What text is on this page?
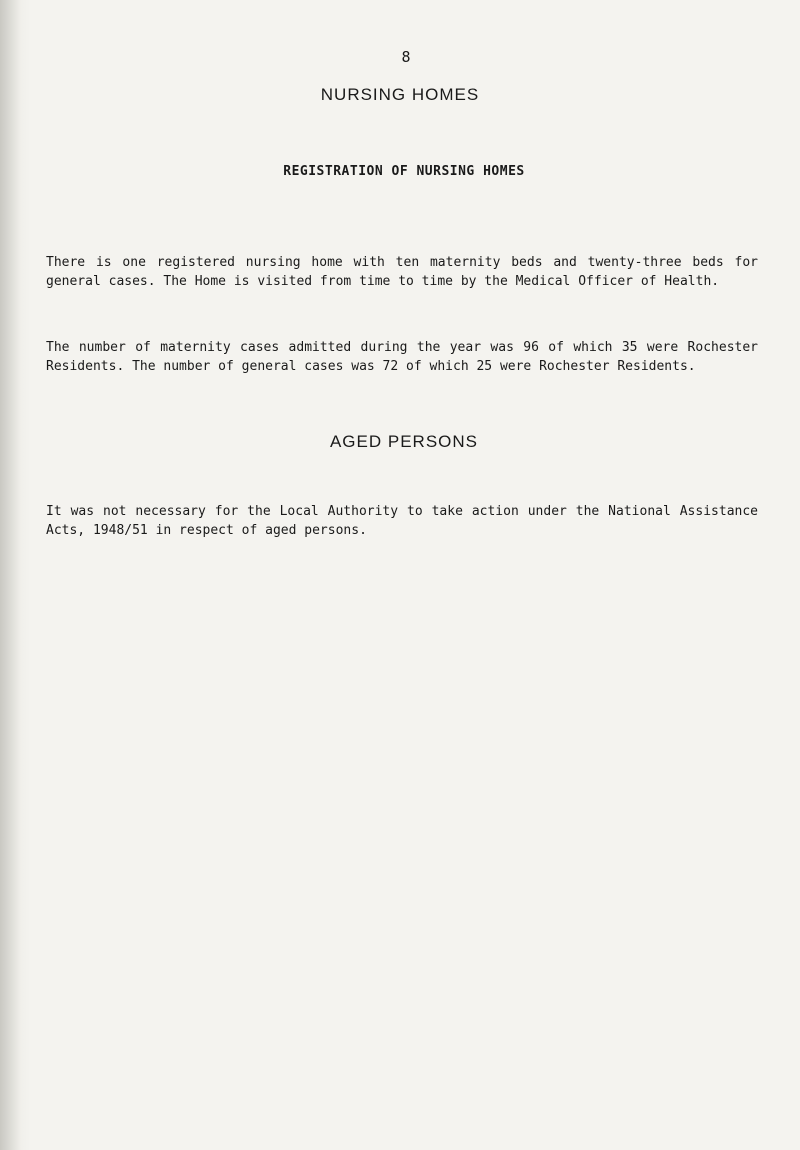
8
NURSING HOMES
REGISTRATION OF NURSING HOMES

There is one registered nursing home with ten maternity beds and twenty-three beds for general cases. The Home is visited from time to time by the Medical Officer of Health.

The number of maternity cases admitted during the year was 96 of which 35 were Rochester Residents. The number of general cases was 72 of which 25 were Rochester Residents.

AGED PERSONS

It was not necessary for the Local Authority to take action under the National Assistance Acts, 1948/51 in respect of aged persons.
